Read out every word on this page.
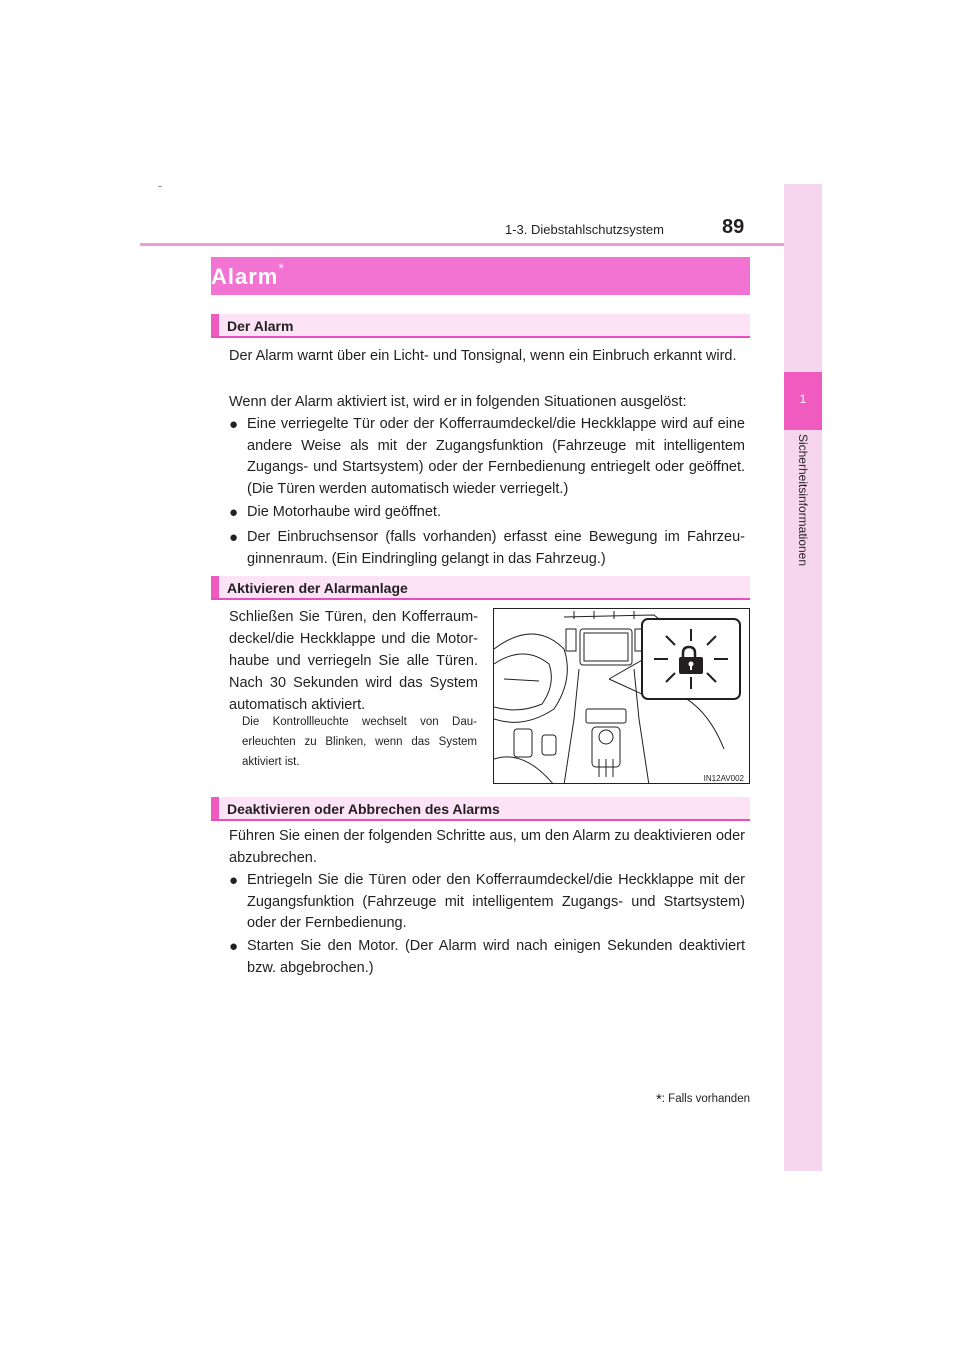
1-3. Diebstahlschutzsystem	89
1
Sicherheitsinformationen
Alarm*
Der Alarm
Der Alarm warnt über ein Licht- und Tonsignal, wenn ein Einbruch erkannt wird.
Wenn der Alarm aktiviert ist, wird er in folgenden Situationen ausgelöst:
● Eine verriegelte Tür oder der Kofferraumdeckel/die Heckklappe wird auf eine andere Weise als mit der Zugangsfunktion (Fahrzeuge mit intelligentem Zugangs- und Startsystem) oder der Fernbedienung entriegelt oder geöffnet. (Die Türen werden automatisch wieder verriegelt.)
● Die Motorhaube wird geöffnet.
● Der Einbruchsensor (falls vorhanden) erfasst eine Bewegung im Fahrzeuginnenraum. (Ein Eindringling gelangt in das Fahrzeug.)
Aktivieren der Alarmanlage
Schließen Sie Türen, den Kofferraumdeckel/die Heckklappe und die Motorhaube und verriegeln Sie alle Türen. Nach 30 Sekunden wird das System automatisch aktiviert.
Die Kontrollleuchte wechselt von Dauerleuchten zu Blinken, wenn das System aktiviert ist.
IN12AV002
Deaktivieren oder Abbrechen des Alarms
Führen Sie einen der folgenden Schritte aus, um den Alarm zu deaktivieren oder abzubrechen.
● Entriegeln Sie die Türen oder den Kofferraumdeckel/die Heckklappe mit der Zugangsfunktion (Fahrzeuge mit intelligentem Zugangs- und Startsystem) oder der Fernbedienung.
● Starten Sie den Motor. (Der Alarm wird nach einigen Sekunden deaktiviert bzw. abgebrochen.)
*: Falls vorhanden
